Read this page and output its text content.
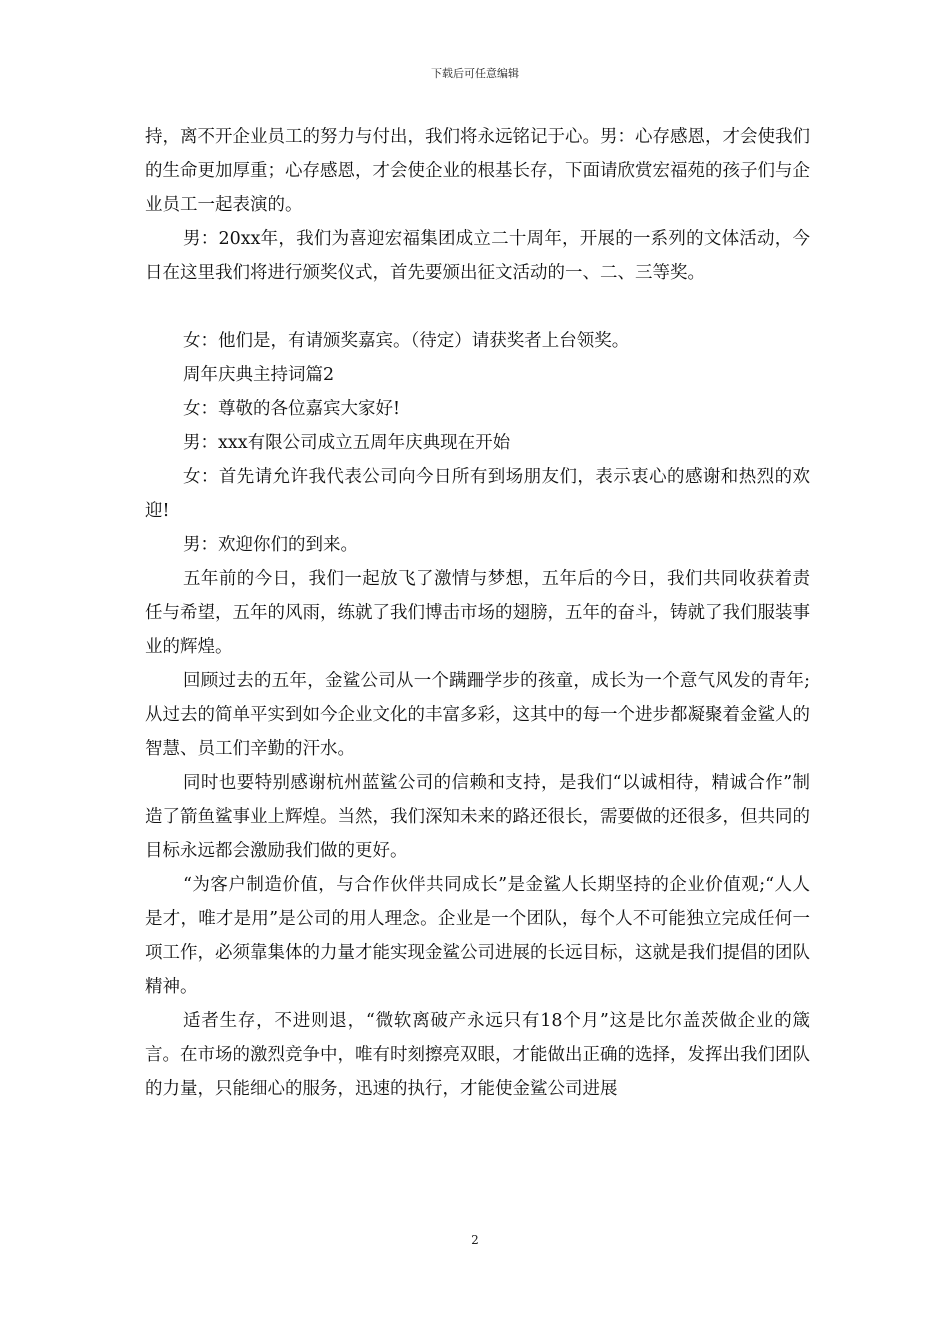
下载后可任意编辑

持，离不开企业员工的努力与付出，我们将永远铭记于心。男：心存感恩，才会使我们的生命更加厚重；心存感恩，才会使企业的根基长存，下面请欣赏宏福苑的孩子们与企业员工一起表演的。

男：20xx年，我们为喜迎宏福集团成立二十周年，开展的一系列的文体活动，今日在这里我们将进行颁奖仪式，首先要颁出征文活动的一、二、三等奖。

女：他们是，有请颁奖嘉宾。（待定）请获奖者上台领奖。

周年庆典主持词篇2

女：尊敬的各位嘉宾大家好!

男：xxx有限公司成立五周年庆典现在开始

女：首先请允许我代表公司向今日所有到场朋友们，表示衷心的感谢和热烈的欢迎!

男：欢迎你们的到来。

五年前的今日，我们一起放飞了激情与梦想，五年后的今日，我们共同收获着责任与希望，五年的风雨，练就了我们博击市场的翅膀，五年的奋斗，铸就了我们服装事业的辉煌。

回顾过去的五年，金鲨公司从一个蹒跚学步的孩童，成长为一个意气风发的青年;从过去的简单平实到如今企业文化的丰富多彩，这其中的每一个进步都凝聚着金鲨人的智慧、员工们辛勤的汗水。

同时也要特别感谢杭州蓝鲨公司的信赖和支持，是我们“以诚相待，精诚合作”制造了箭鱼鲨事业上辉煌。当然，我们深知未来的路还很长，需要做的还很多，但共同的目标永远都会激励我们做的更好。

“为客户制造价值，与合作伙伴共同成长”是金鲨人长期坚持的企业价值观;“人人是才，唯才是用”是公司的用人理念。企业是一个团队，每个人不可能独立完成任何一项工作，必须靠集体的力量才能实现金鲨公司进展的长远目标，这就是我们提倡的团队精神。

适者生存，不进则退，“微软离破产永远只有18个月”这是比尔盖茨做企业的箴言。在市场的激烈竞争中，唯有时刻擦亮双眼，才能做出正确的选择，发挥出我们团队的力量，只能细心的服务，迅速的执行，才能使金鲨公司进展

2
